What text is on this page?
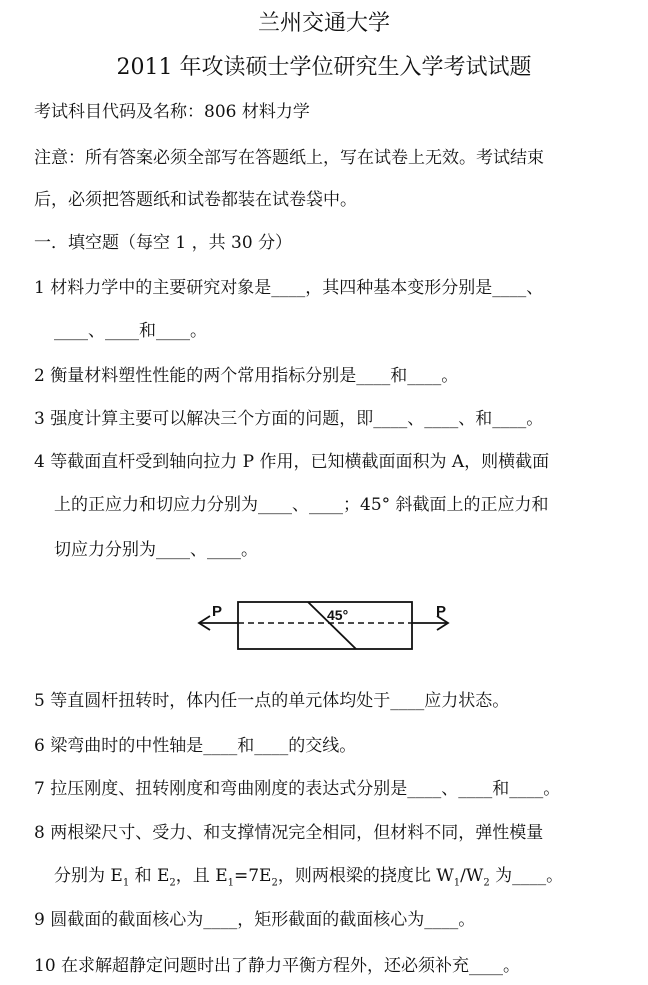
兰州交通大学
2011 年攻读硕士学位研究生入学考试试题
考试科目代码及名称：806 材料力学
注意：所有答案必须全部写在答题纸上，写在试卷上无效。考试结束
后，必须把答题纸和试卷都装在试卷袋中。
一．填空题（每空 1 ，共 30 分）
1 材料力学中的主要研究对象是____，其四种基本变形分别是____、
____、____和____。
2 衡量材料塑性性能的两个常用指标分别是____和____。
3 强度计算主要可以解决三个方面的问题，即____、____、和____。
4 等截面直杆受到轴向拉力 P 作用，已知横截面面积为 A，则横截面
上的正应力和切应力分别为____、____；45° 斜截面上的正应力和
切应力分别为____、____。
P	P
45°
5 等直圆杆扭转时，体内任一点的单元体均处于____应力状态。
6 梁弯曲时的中性轴是____和____的交线。
7 拉压刚度、扭转刚度和弯曲刚度的表达式分别是____、____和____。
8 两根梁尺寸、受力、和支撑情况完全相同，但材料不同，弹性模量
分别为 $E_1$ 和 $E_2$，且 $E_1=7E_2$，则两根梁的挠度比 $W_1/W_2$ 为____。
9 圆截面的截面核心为____，矩形截面的截面核心为____。
10 在求解超静定问题时出了静力平衡方程外，还必须补充____。
